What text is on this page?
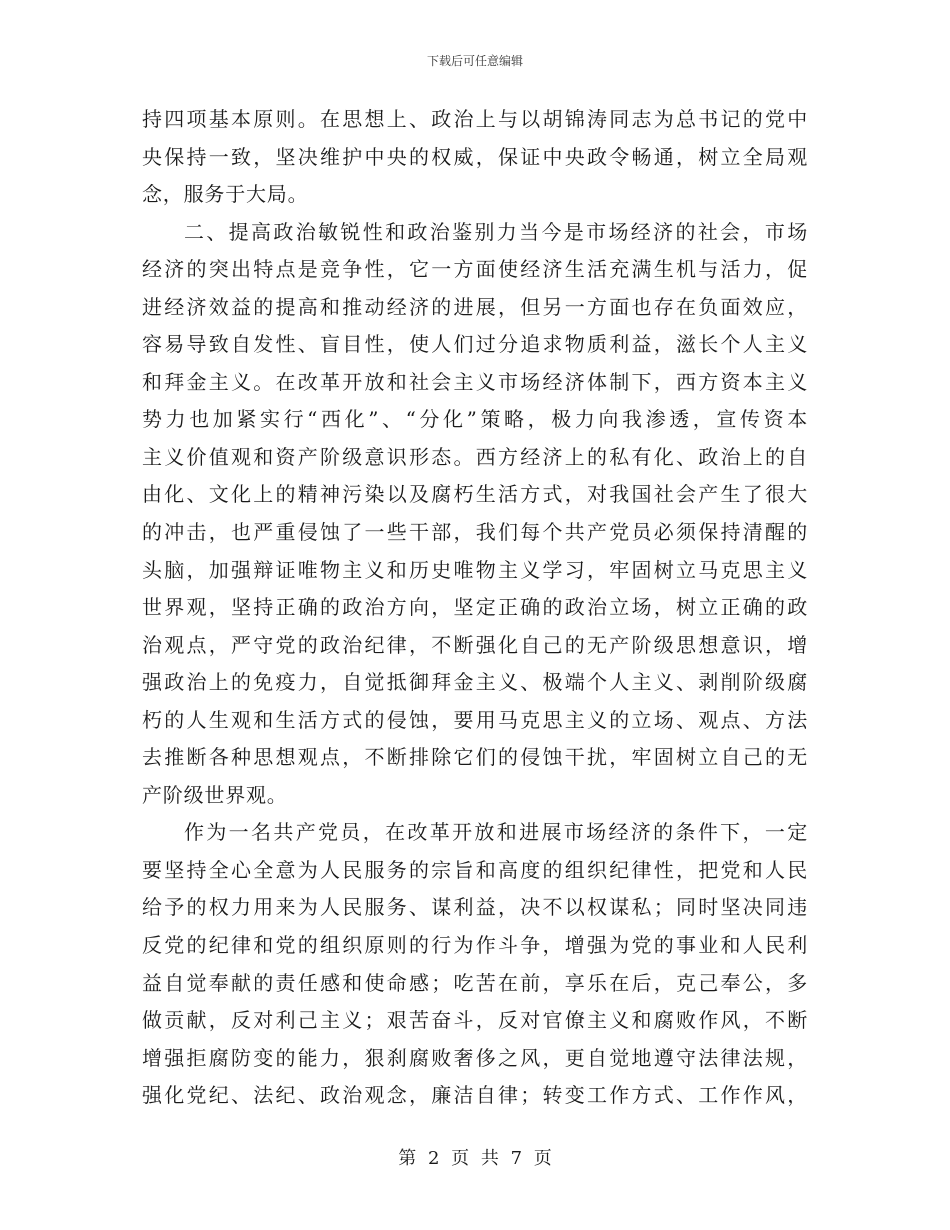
下载后可任意编辑
持四项基本原则。在思想上、政治上与以胡锦涛同志为总书记的党中
央保持一致，坚决维护中央的权威，保证中央政令畅通，树立全局观
念，服务于大局。
二、提高政治敏锐性和政治鉴别力当今是市场经济的社会，市场
经济的突出特点是竞争性，它一方面使经济生活充满生机与活力，促
进经济效益的提高和推动经济的进展，但另一方面也存在负面效应，
容易导致自发性、盲目性，使人们过分追求物质利益，滋长个人主义
和拜金主义。在改革开放和社会主义市场经济体制下，西方资本主义
势力也加紧实行“西化”、“分化”策略，极力向我渗透，宣传资本
主义价值观和资产阶级意识形态。西方经济上的私有化、政治上的自
由化、文化上的精神污染以及腐朽生活方式，对我国社会产生了很大
的冲击，也严重侵蚀了一些干部，我们每个共产党员必须保持清醒的
头脑，加强辩证唯物主义和历史唯物主义学习，牢固树立马克思主义
世界观，坚持正确的政治方向，坚定正确的政治立场，树立正确的政
治观点，严守党的政治纪律，不断强化自己的无产阶级思想意识，增
强政治上的免疫力，自觉抵御拜金主义、极端个人主义、剥削阶级腐
朽的人生观和生活方式的侵蚀，要用马克思主义的立场、观点、方法
去推断各种思想观点，不断排除它们的侵蚀干扰，牢固树立自己的无
产阶级世界观。
作为一名共产党员，在改革开放和进展市场经济的条件下，一定
要坚持全心全意为人民服务的宗旨和高度的组织纪律性，把党和人民
给予的权力用来为人民服务、谋利益，决不以权谋私；同时坚决同违
反党的纪律和党的组织原则的行为作斗争，增强为党的事业和人民利
益自觉奉献的责任感和使命感；吃苦在前，享乐在后，克己奉公，多
做贡献，反对利己主义；艰苦奋斗，反对官僚主义和腐败作风，不断
增强拒腐防变的能力，狠刹腐败奢侈之风，更自觉地遵守法律法规，
强化党纪、法纪、政治观念，廉洁自律；转变工作方式、工作作风，
第 2 页 共 7 页
